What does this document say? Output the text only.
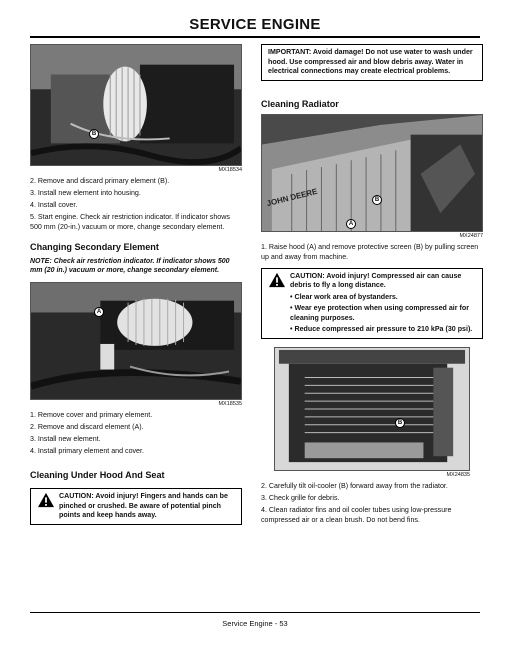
SERVICE ENGINE
B
MX18534

2. Remove and discard primary element (B).

3. Install new element into housing.

4. Install cover.

5. Start engine. Check air restriction indicator. If indicator shows 500 mm (20-in.) vacuum or more, change secondary element.

Changing Secondary Element

NOTE: Check air restriction indicator. If indicator shows 500 mm (20 in.) vacuum or more, change secondary element.

A
MX18535

1. Remove cover and primary element.

2. Remove and discard element (A).

3. Install new element.

4. Install primary element and cover.

Cleaning Under Hood And Seat
CAUTION: Avoid injury! Fingers and hands can be pinched or crushed. Be aware of potential pinch points and keep hands away.
IMPORTANT: Avoid damage! Do not use water to wash under hood. Use compressed air and blow debris away. Water in electrical connections may create electrical problems.
Cleaning Radiator
JOHN DEERE	B
A
MX24877

1. Raise hood (A) and remove protective screen (B) by pulling screen up and away from machine.

CAUTION: Avoid injury! Compressed air can cause debris to fly a long distance.
• Clear work area of bystanders.
• Wear eye protection when using compressed air for cleaning purposes.
• Reduce compressed air pressure to 210 kPa (30 psi).
B
MX24835

2. Carefully tilt oil-cooler (B) forward away from the radiator.

3. Check grille for debris.

4. Clean radiator fins and oil cooler tubes using low-pressure compressed air or a clean brush. Do not bend fins.

Service Engine - 53
